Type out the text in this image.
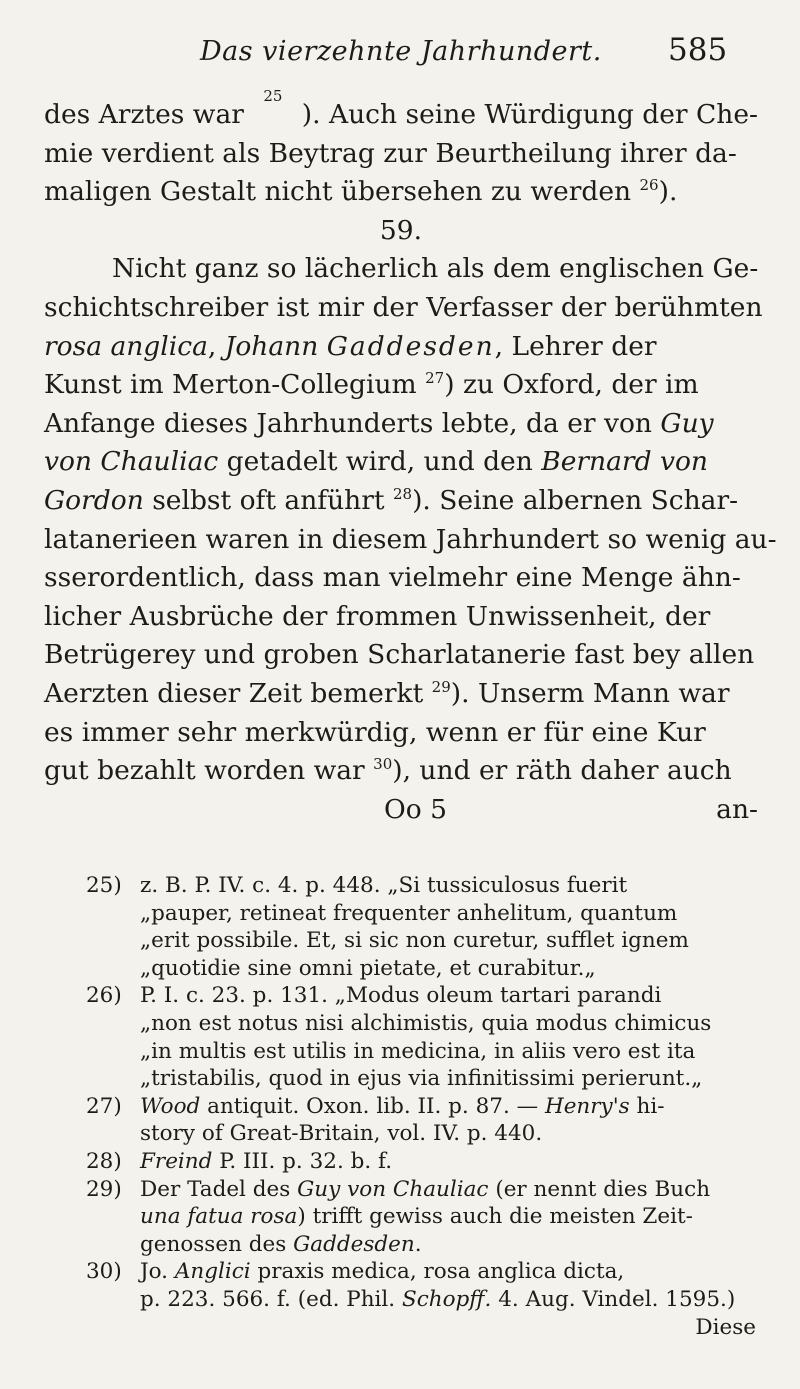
Das vierzehnte Jahrhundert. 585
des Arztes war
25
). Auch seine Würdigung der Che-
mie verdient als Beytrag zur Beurtheilung ihrer da-
maligen Gestalt nicht übersehen zu werden $^{26}$).
59.
Nicht ganz so lächerlich als dem englischen Ge-
schichtschreiber ist mir der Verfasser der berühmten
rosa anglica, Johann Gaddesden, Lehrer der
Kunst im Merton-Collegium $^{27}$) zu Oxford, der im
Anfange dieses Jahrhunderts lebte, da er von Guy
von Chauliac getadelt wird, und den Bernard von
Gordon selbst oft anführt $^{28}$). Seine albernen Schar-
latanerieen waren in diesem Jahrhundert so wenig au-
sserordentlich, dass man vielmehr eine Menge ähn-
licher Ausbrüche der frommen Unwissenheit, der
Betrügerey und groben Scharlatanerie fast bey allen
Aerzten dieser Zeit bemerkt $^{29}$). Unserm Mann war
es immer sehr merkwürdig, wenn er für eine Kur
gut bezahlt worden war $^{30}$), und er räth daher auch
Oo 5	an-
25) z. B. P. IV. c. 4. p. 448. „Si tussiculosus fuerit
„pauper, retineat frequenter anhelitum, quantum
„erit possibile. Et, si sic non curetur, sufflet ignem
„quotidie sine omni pietate, et curabitur.„
26) P. I. c. 23. p. 131. „Modus oleum tartari parandi
„non est notus nisi alchimistis, quia modus chimicus
„in multis est utilis in medicina, in aliis vero est ita
„tristabilis, quod in ejus via infinitissimi perierunt.„
27) Wood antiquit. Oxon. lib. II. p. 87. — Henry's hi-
story of Great-Britain, vol. IV. p. 440.
28) Freind P. III. p. 32. b. f.
29) Der Tadel des Guy von Chauliac (er nennt dies Buch
una fatua rosa) trifft gewiss auch die meisten Zeit-
genossen des Gaddesden.
30) Jo. Anglici praxis medica, rosa anglica dicta,
p. 223. 566. f. (ed. Phil. Schopff. 4. Aug. Vindel. 1595.)
Diese
